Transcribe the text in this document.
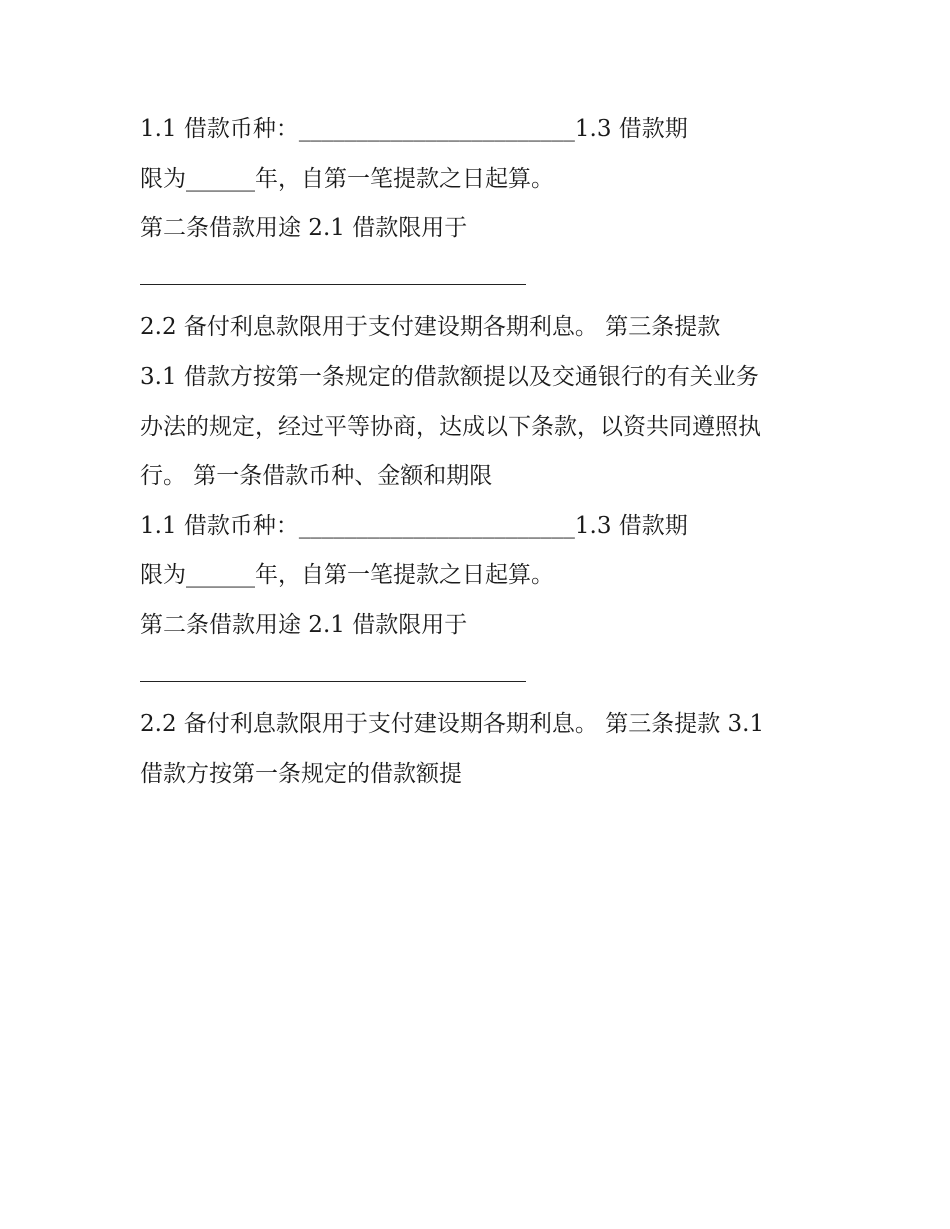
1.1 借款币种：________________________1.3 借款期
限为______年，自第一笔提款之日起算。
第二条借款用途 2.1 借款限用于
2.2 备付利息款限用于支付建设期各期利息。 第三条提款
3.1 借款方按第一条规定的借款额提以及交通银行的有关业务
办法的规定，经过平等协商，达成以下条款，以资共同遵照执
行。 第一条借款币种、金额和期限
1.1 借款币种：________________________1.3 借款期
限为______年，自第一笔提款之日起算。
第二条借款用途 2.1 借款限用于
2.2 备付利息款限用于支付建设期各期利息。 第三条提款 3.1
借款方按第一条规定的借款额提
